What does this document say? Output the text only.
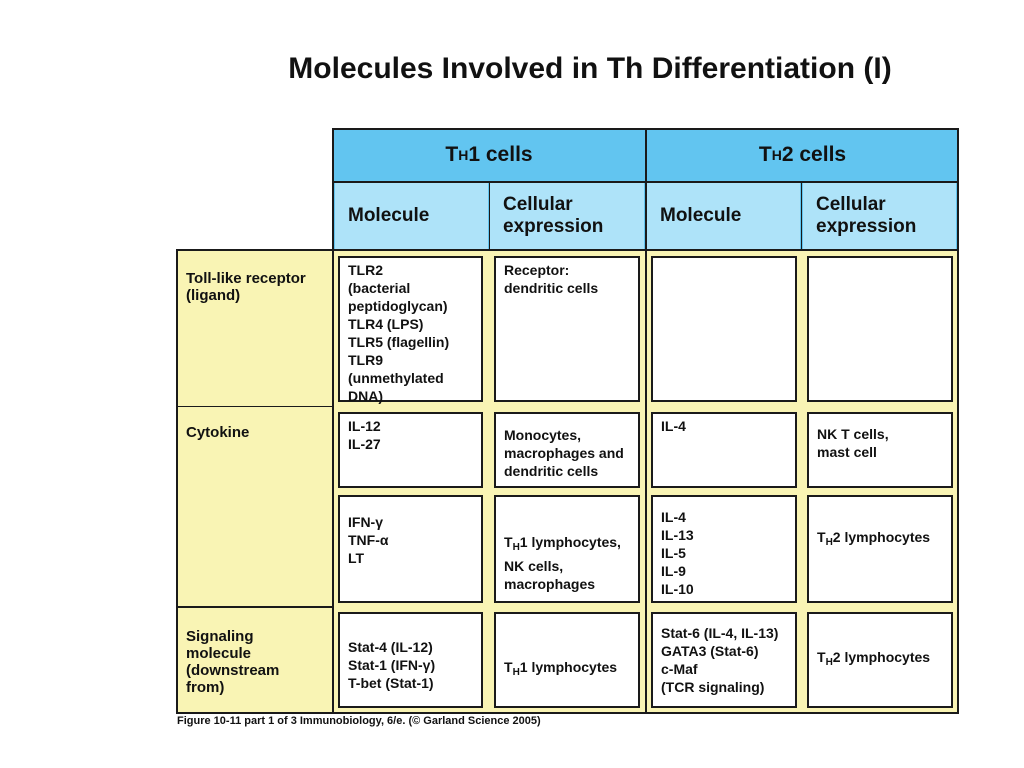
Molecules Involved in Th Differentiation (I)
T H 1 cells	T H 2 cells
Molecule
Cellular
expression
Molecule
Cellular
expression
Toll-like receptor
(ligand)
Cytokine
Signaling
molecule
(downstream
from)
TLR2
(bacterial
peptidoglycan)
TLR4 (LPS)
TLR5 (flagellin)
TLR9 (unmethylated
DNA)
Receptor:
dendritic cells
IL-12
IL-27
Monocytes,
macrophages and
dendritic cells
IL-4	NK T cells,
mast cell
IFN-γ
TNF-α
LT

$T_H1$ lymphocytes,
NK cells,
macrophages

IL-4
IL-13
IL-5
IL-9
IL-10

$T_H2$ lymphocytes

Stat-4 (IL-12)
Stat-1 (IFN-γ)
T-bet (Stat-1)

$T_H1$ lymphocytes

Stat-6 (IL-4, IL-13)
GATA3 (Stat-6)
c-Maf
(TCR signaling)

$T_H2$ lymphocytes

Figure 10-11 part 1 of 3 Immunobiology, 6/e. (© Garland Science 2005)
